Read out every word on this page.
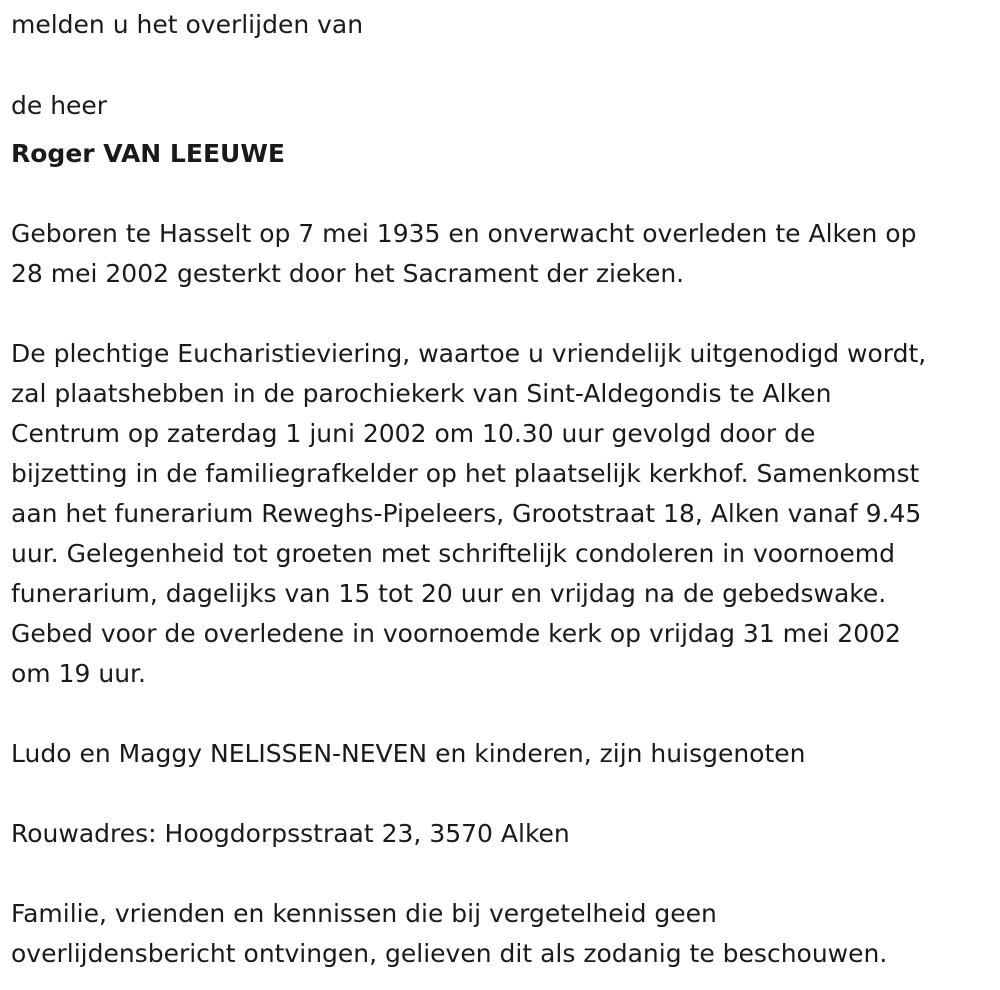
melden u het overlijden van
de heer
Roger VAN LEEUWE
Geboren te Hasselt op 7 mei 1935 en onverwacht overleden te Alken op
28 mei 2002 gesterkt door het Sacrament der zieken.
De plechtige Eucharistieviering, waartoe u vriendelijk uitgenodigd wordt,
zal plaatshebben in de parochiekerk van Sint-Aldegondis te Alken
Centrum op zaterdag 1 juni 2002 om 10.30 uur gevolgd door de
bijzetting in de familiegrafkelder op het plaatselijk kerkhof. Samenkomst
aan het funerarium Reweghs-Pipeleers, Grootstraat 18, Alken vanaf 9.45
uur. Gelegenheid tot groeten met schriftelijk condoleren in voornoemd
funerarium, dagelijks van 15 tot 20 uur en vrijdag na de gebedswake.
Gebed voor de overledene in voornoemde kerk op vrijdag 31 mei 2002
om 19 uur.
Ludo en Maggy NELISSEN-NEVEN en kinderen, zijn huisgenoten
Rouwadres: Hoogdorpsstraat 23, 3570 Alken
Familie, vrienden en kennissen die bij vergetelheid geen
overlijdensbericht ontvingen, gelieven dit als zodanig te beschouwen.
